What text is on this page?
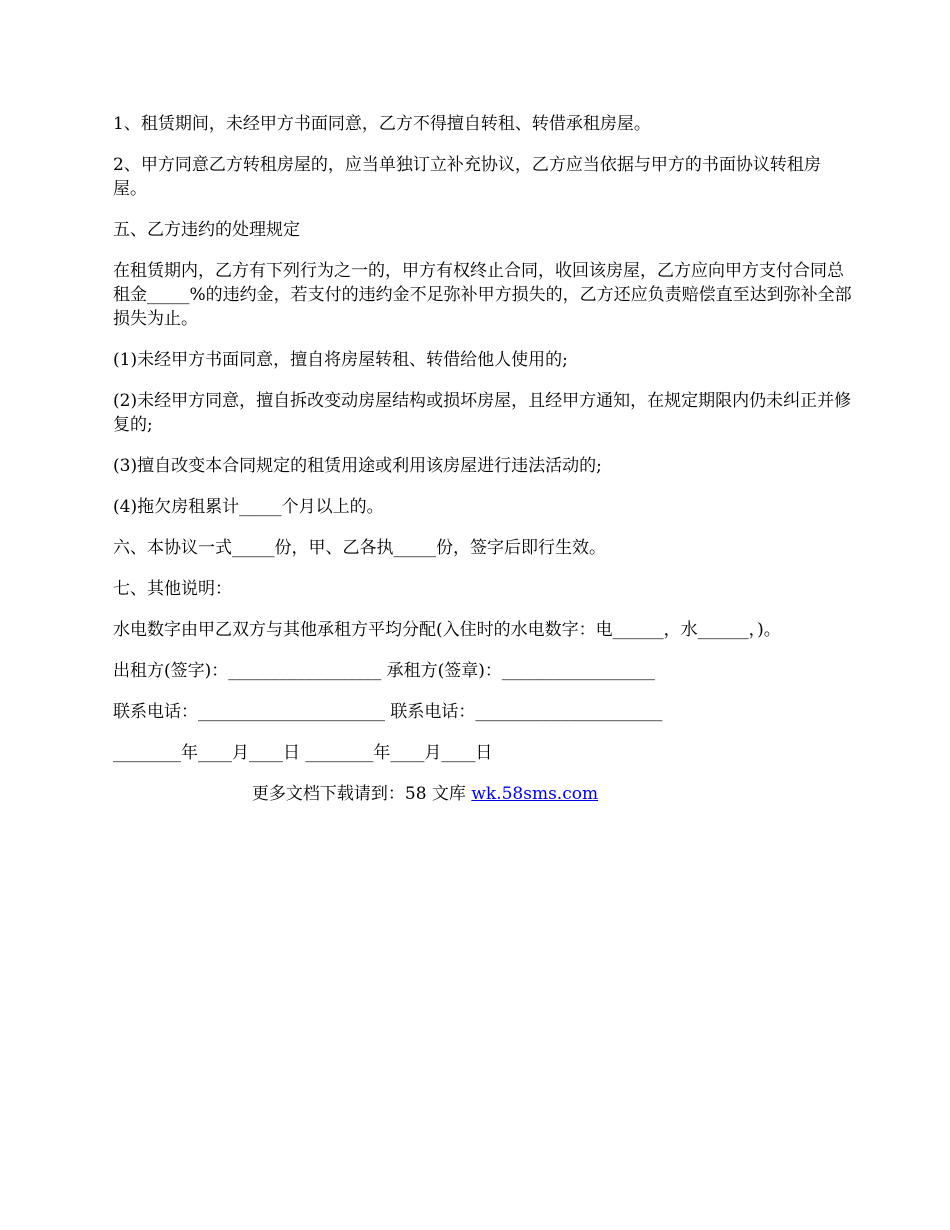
1、租赁期间，未经甲方书面同意，乙方不得擅自转租、转借承租房屋。

2、甲方同意乙方转租房屋的，应当单独订立补充协议，乙方应当依据与甲方的书面协议转租房屋。

五、乙方违约的处理规定

在租赁期内，乙方有下列行为之一的，甲方有权终止合同，收回该房屋，乙方应向甲方支付合同总租金_____%的违约金，若支付的违约金不足弥补甲方损失的，乙方还应负责赔偿直至达到弥补全部损失为止。

(1)未经甲方书面同意，擅自将房屋转租、转借给他人使用的;

(2)未经甲方同意，擅自拆改变动房屋结构或损坏房屋，且经甲方通知，在规定期限内仍未纠正并修复的;

(3)擅自改变本合同规定的租赁用途或利用该房屋进行违法活动的;

(4)拖欠房租累计_____个月以上的。

六、本协议一式_____份，甲、乙各执_____份，签字后即行生效。

七、其他说明：

水电数字由甲乙双方与其他承租方平均分配(入住时的水电数字：电______，水______，)。

出租方(签字)：__________________ 承租方(签章)：__________________

联系电话：______________________ 联系电话：______________________

________年____月____日 ________年____月____日

更多文档下载请到：58 文库 wk.58sms.com
